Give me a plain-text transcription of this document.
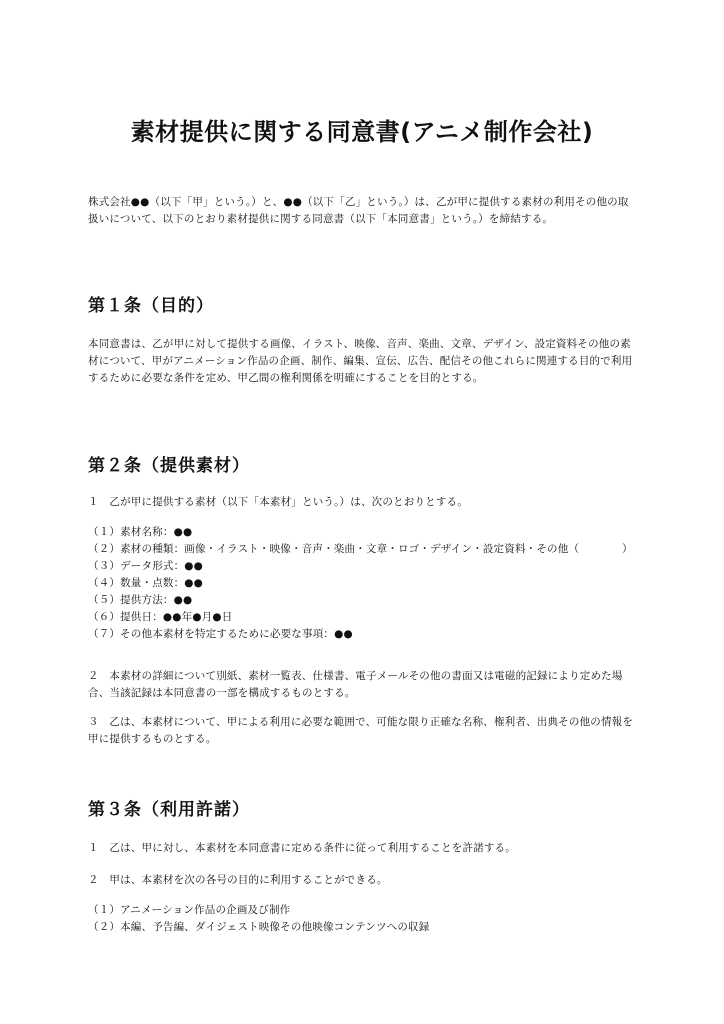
素材提供に関する同意書(アニメ制作会社)

株式会社●●（以下「甲」という。）と、●●（以下「乙」という。）は、乙が甲に提供する素材の利用その他の取扱いについて、以下のとおり素材提供に関する同意書（以下「本同意書」という。）を締結する。

第１条（目的）

本同意書は、乙が甲に対して提供する画像、イラスト、映像、音声、楽曲、文章、デザイン、設定資料その他の素材について、甲がアニメーション作品の企画、制作、編集、宣伝、広告、配信その他これらに関連する目的で利用するために必要な条件を定め、甲乙間の権利関係を明確にすることを目的とする。

第２条（提供素材）

１　乙が甲に提供する素材（以下「本素材」という。）は、次のとおりとする。

（１）素材名称：●●
（２）素材の種類：画像・イラスト・映像・音声・楽曲・文章・ロゴ・デザイン・設定資料・その他（　　　　）
（３）データ形式：●●
（４）数量・点数：●●
（５）提供方法：●●
（６）提供日：●●年●月●日
（７）その他本素材を特定するために必要な事項：●●

２　本素材の詳細について別紙、素材一覧表、仕様書、電子メールその他の書面又は電磁的記録により定めた場合、当該記録は本同意書の一部を構成するものとする。

３　乙は、本素材について、甲による利用に必要な範囲で、可能な限り正確な名称、権利者、出典その他の情報を甲に提供するものとする。

第３条（利用許諾）

１　乙は、甲に対し、本素材を本同意書に定める条件に従って利用することを許諾する。

２　甲は、本素材を次の各号の目的に利用することができる。

（１）アニメーション作品の企画及び制作
（２）本編、予告編、ダイジェスト映像その他映像コンテンツへの収録
